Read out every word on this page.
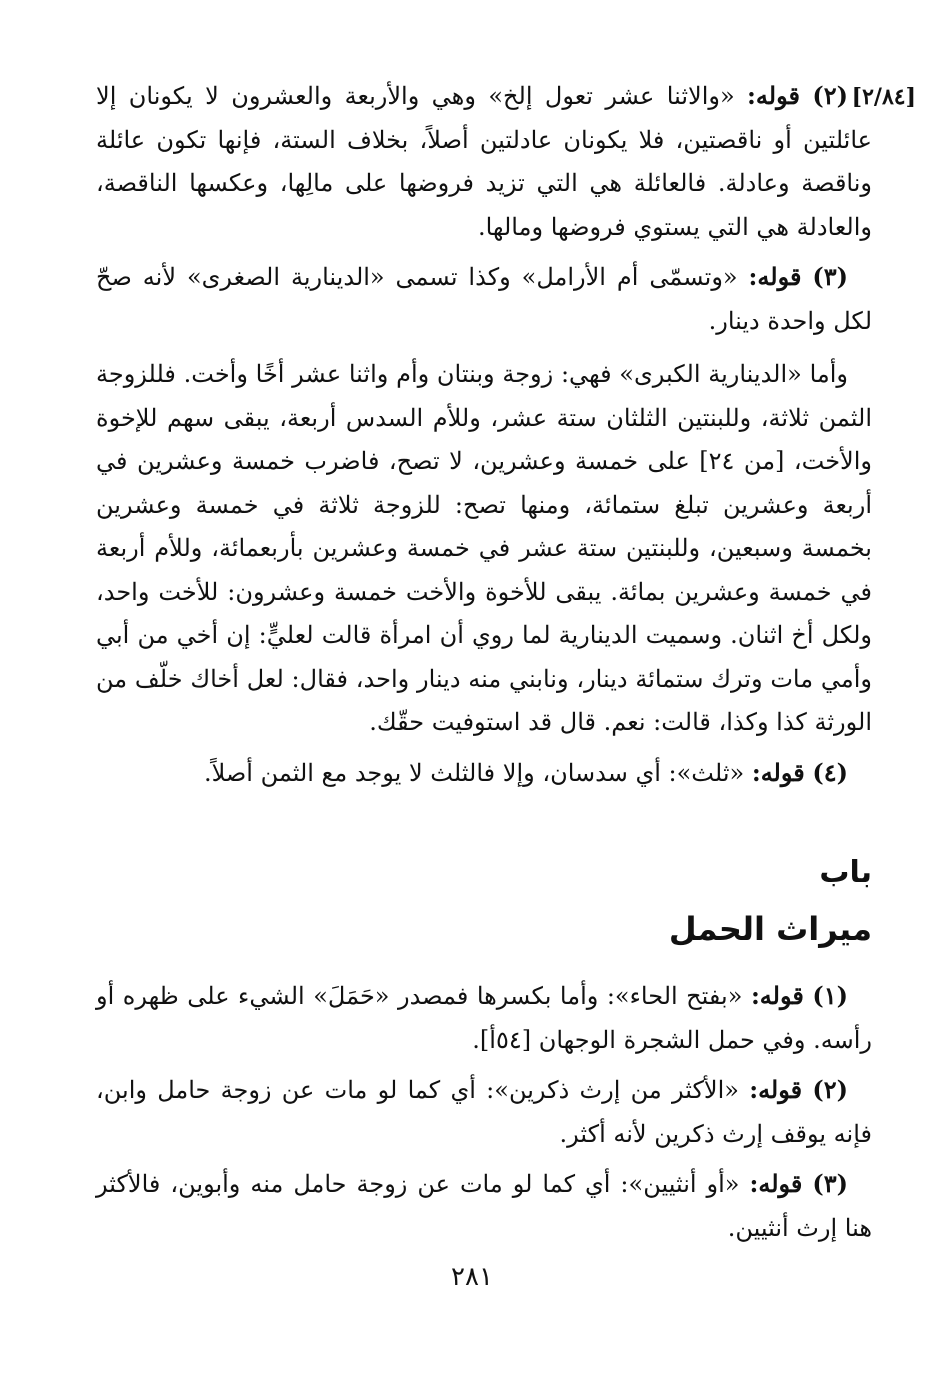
[٢/٨٤]

(٢) قوله: «والاثنا عشر تعول إلخ» وهي والأربعة والعشرون لا يكونان إلا عائلتين أو ناقصتين، فلا يكونان عادلتين أصلاً، بخلاف الستة، فإنها تكون عائلة وناقصة وعادلة. فالعائلة هي التي تزيد فروضها على مالِها، وعكسها الناقصة، والعادلة هي التي يستوي فروضها ومالها.

(٣) قوله: «وتسمّى أم الأرامل» وكذا تسمى «الدينارية الصغرى» لأنه صحّ لكل واحدة دينار.

وأما «الدينارية الكبرى» فهي: زوجة وبنتان وأم واثنا عشر أخًا وأخت. فللزوجة الثمن ثلاثة، وللبنتين الثلثان ستة عشر، وللأم السدس أربعة، يبقى سهم للإخوة والأخت، [من ٢٤] على خمسة وعشرين، لا تصح، فاضرب خمسة وعشرين في أربعة وعشرين تبلغ ستمائة، ومنها تصح: للزوجة ثلاثة في خمسة وعشرين بخمسة وسبعين، وللبنتين ستة عشر في خمسة وعشرين بأربعمائة، وللأم أربعة في خمسة وعشرين بمائة. يبقى للأخوة والأخت خمسة وعشرون: للأخت واحد، ولكل أخ اثنان. وسميت الدينارية لما روي أن امرأة قالت لعليٍّ: إن أخي من أبي وأمي مات وترك ستمائة دينار، ونابني منه دينار واحد، فقال: لعل أخاك خلّف من الورثة كذا وكذا، قالت: نعم. قال قد استوفيت حقّك.

(٤) قوله: «ثلث»: أي سدسان، وإلا فالثلث لا يوجد مع الثمن أصلاً.

باب
ميراث الحمل

(١) قوله: «بفتح الحاء»: وأما بكسرها فمصدر «حَمَلَ» الشيء على ظهره أو رأسه. وفي حمل الشجرة الوجهان [٥٤أ].

(٢) قوله: «الأكثر من إرث ذكرين»: أي كما لو مات عن زوجة حامل وابن، فإنه يوقف إرث ذكرين لأنه أكثر.

(٣) قوله: «أو أنثيين»: أي كما لو مات عن زوجة حامل منه وأبوين، فالأكثر هنا إرث أنثيين.

٢٨١
